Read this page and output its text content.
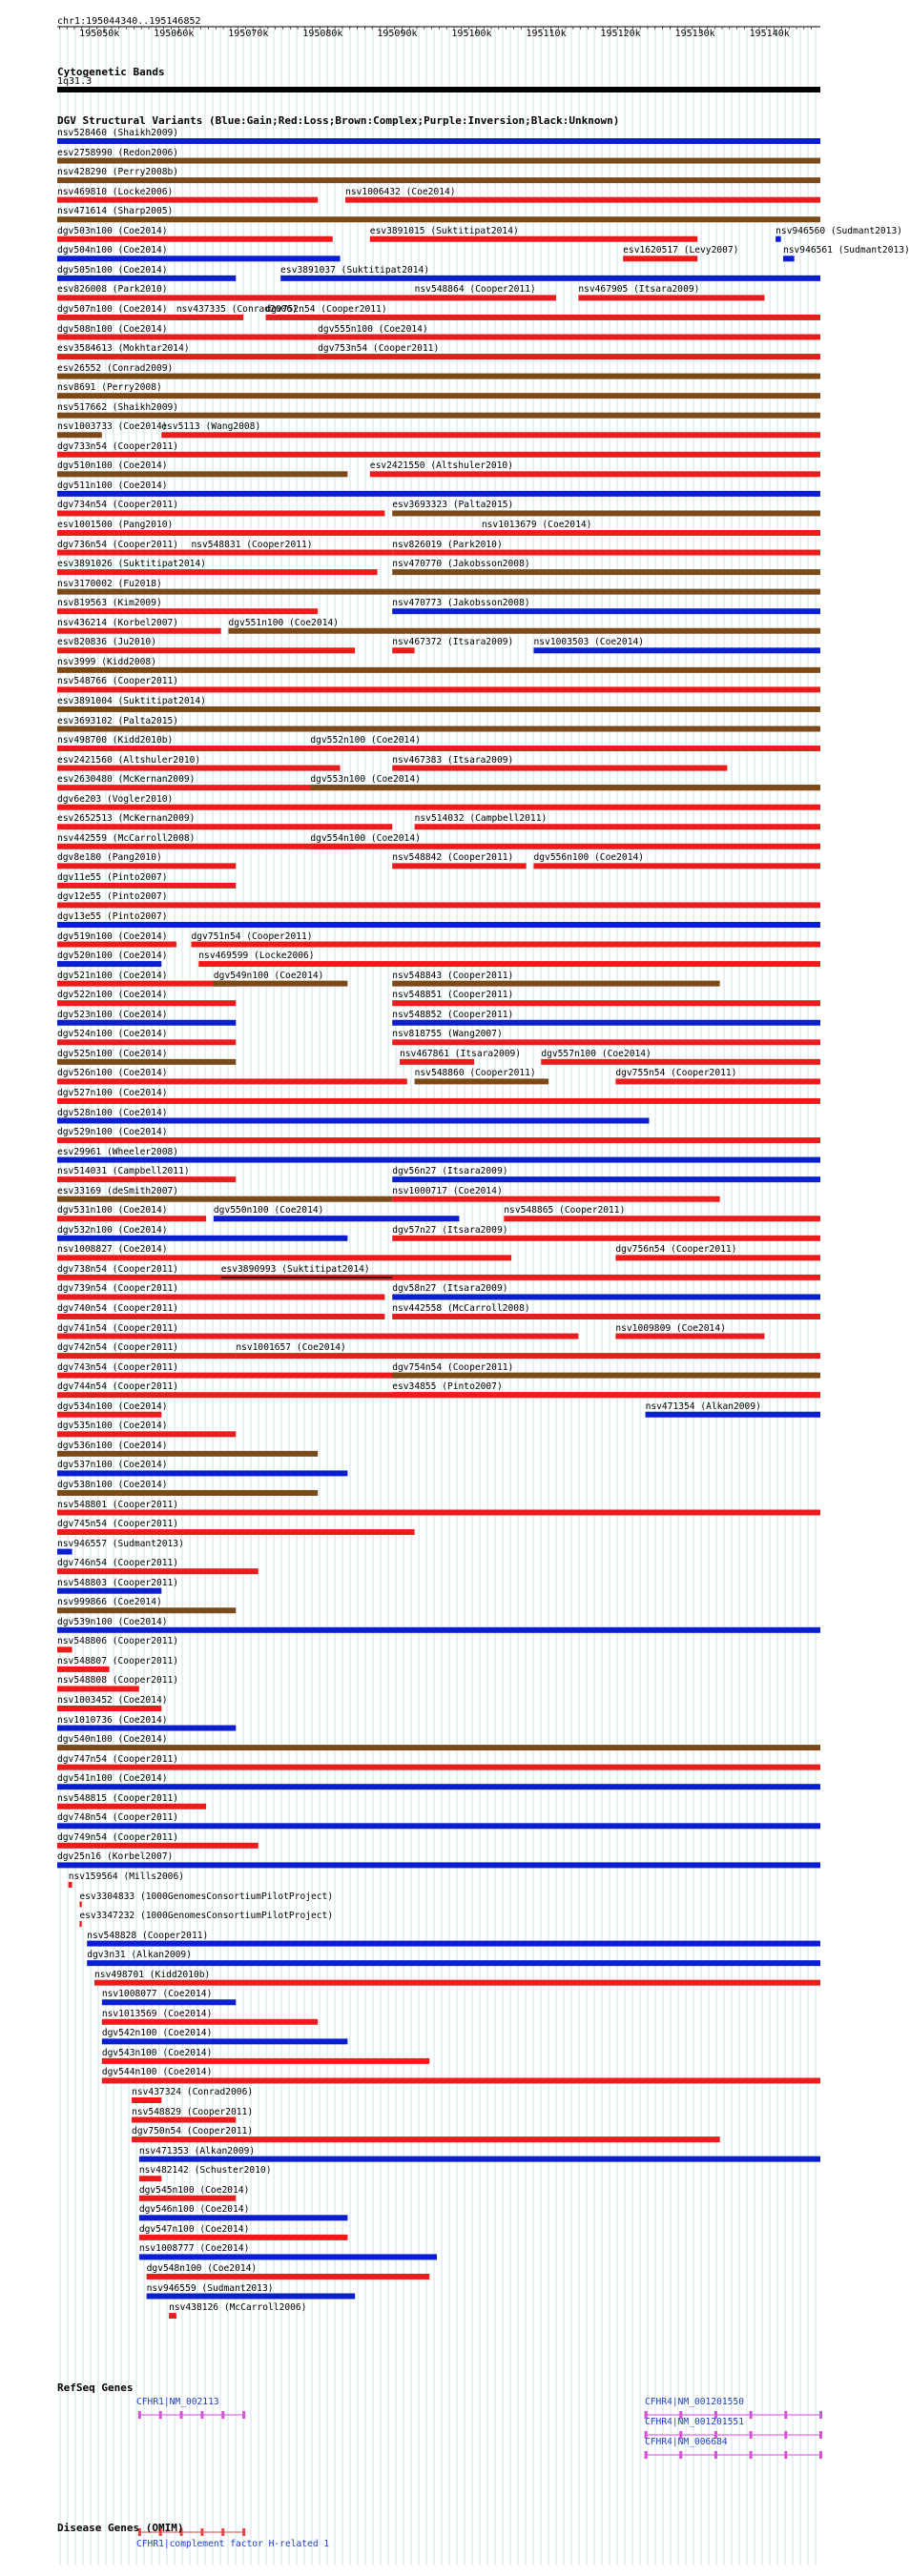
chr1:195044340..195146852
Cytogenetic Bands
1q31.3
DGV Structural Variants (Blue:Gain;Red:Loss;Brown:Complex;Purple:Inversion;Black:Unknown)
RefSeq Genes
Disease Genes (OMIM)
195050k	195060k	195070k	195080k	195090k	195100k	195110k	195120k	195130k	195140k
nsv528460 (Shaikh2009)
esv2758990 (Redon2006)
nsv428290 (Perry2008b)
nsv469810 (Locke2006)	nsv1006432 (Coe2014)
nsv471614 (Sharp2005)
dgv503n100 (Coe2014)	esv3891015 (Suktitipat2014)	nsv946560 (Sudmant2013)
dgv504n100 (Coe2014)	esv1620517 (Levy2007)	nsv946561 (Sudmant2013)
dgv505n100 (Coe2014)	esv3891037 (Suktitipat2014)
esv826008 (Park2010)	nsv548864 (Cooper2011)	nsv467905 (Itsara2009)
dgv507n100 (Coe2014) nsv437335 (Conrad2006)
dgv752n54 (Cooper2011)
dgv508n100 (Coe2014)	dgv555n100 (Coe2014)
esv3584613 (Mokhtar2014)	dgv753n54 (Cooper2011)
esv26552 (Conrad2009)
nsv8691 (Perry2008)
nsv517662 (Shaikh2009)
nsv1003733 (Coe2014)
esv5113 (Wang2008)
dgv733n54 (Cooper2011)
dgv510n100 (Coe2014)	esv2421550 (Altshuler2010)
dgv511n100 (Coe2014)
dgv734n54 (Cooper2011)	esv3693323 (Palta2015)
esv1001500 (Pang2010)	nsv1013679 (Coe2014)
dgv736n54 (Cooper2011) nsv548831 (Cooper2011)	nsv826019 (Park2010)
esv3891026 (Suktitipat2014)	nsv470770 (Jakobsson2008)
nsv3170002 (Fu2018)
nsv819563 (Kim2009)	nsv470773 (Jakobsson2008)
nsv436214 (Korbel2007)	dgv551n100 (Coe2014)
esv820836 (Ju2010)	nsv467372 (Itsara2009) nsv1003503 (Coe2014)
nsv3999 (Kidd2008)
nsv548766 (Cooper2011)
esv3891004 (Suktitipat2014)
esv3693102 (Palta2015)
nsv498700 (Kidd2010b)	dgv552n100 (Coe2014)
esv2421560 (Altshuler2010)	nsv467383 (Itsara2009)
esv2630480 (McKernan2009)	dgv553n100 (Coe2014)
dgv6e203 (Vogler2010)
esv2652513 (McKernan2009)	nsv514032 (Campbell2011)
nsv442559 (McCarroll2008)	dgv554n100 (Coe2014)
dgv8e180 (Pang2010)	nsv548842 (Cooper2011) dgv556n100 (Coe2014)
dgv11e55 (Pinto2007)
dgv12e55 (Pinto2007)
dgv13e55 (Pinto2007)
dgv519n100 (Coe2014)	dgv751n54 (Cooper2011)
dgv520n100 (Coe2014)	nsv469599 (Locke2006)
dgv521n100 (Coe2014)	dgv549n100 (Coe2014)	nsv548843 (Cooper2011)
dgv522n100 (Coe2014)	nsv548851 (Cooper2011)
dgv523n100 (Coe2014)	nsv548852 (Cooper2011)
dgv524n100 (Coe2014)	nsv818755 (Wang2007)
dgv525n100 (Coe2014)	nsv467861 (Itsara2009) dgv557n100 (Coe2014)
dgv526n100 (Coe2014)	nsv548860 (Cooper2011)	dgv755n54 (Cooper2011)
dgv527n100 (Coe2014)
dgv528n100 (Coe2014)
dgv529n100 (Coe2014)
esv29961 (Wheeler2008)
nsv514031 (Campbell2011)	dgv56n27 (Itsara2009)
esv33169 (deSmith2007)	nsv1000717 (Coe2014)
dgv531n100 (Coe2014)	dgv550n100 (Coe2014)	nsv548865 (Cooper2011)
dgv532n100 (Coe2014)	dgv57n27 (Itsara2009)
nsv1008827 (Coe2014)	dgv756n54 (Cooper2011)
dgv738n54 (Cooper2011)	esv3890993 (Suktitipat2014)
dgv739n54 (Cooper2011)	dgv58n27 (Itsara2009)
dgv740n54 (Cooper2011)	nsv442558 (McCarroll2008)
dgv741n54 (Cooper2011)	nsv1009809 (Coe2014)
dgv742n54 (Cooper2011)	nsv1001657 (Coe2014)
dgv743n54 (Cooper2011)	dgv754n54 (Cooper2011)
dgv744n54 (Cooper2011)	esv34855 (Pinto2007)
dgv534n100 (Coe2014)	nsv471354 (Alkan2009)
dgv535n100 (Coe2014)
dgv536n100 (Coe2014)
dgv537n100 (Coe2014)
dgv538n100 (Coe2014)
nsv548801 (Cooper2011)
dgv745n54 (Cooper2011)
nsv946557 (Sudmant2013)
dgv746n54 (Cooper2011)
nsv548803 (Cooper2011)
nsv999866 (Coe2014)
dgv539n100 (Coe2014)
nsv548806 (Cooper2011)
nsv548807 (Cooper2011)
nsv548808 (Cooper2011)
nsv1003452 (Coe2014)
nsv1010736 (Coe2014)
dgv540n100 (Coe2014)
dgv747n54 (Cooper2011)
dgv541n100 (Coe2014)
nsv548815 (Cooper2011)
dgv748n54 (Cooper2011)
dgv749n54 (Cooper2011)
dgv25n16 (Korbel2007)
nsv159564 (Mills2006)
esv3304833 (1000GenomesConsortiumPilotProject)
esv3347232 (1000GenomesConsortiumPilotProject)
nsv548828 (Cooper2011)
dgv3n31 (Alkan2009)
nsv498701 (Kidd2010b)
nsv1008077 (Coe2014)
nsv1013569 (Coe2014)
dgv542n100 (Coe2014)
dgv543n100 (Coe2014)
dgv544n100 (Coe2014)
nsv437324 (Conrad2006)
nsv548829 (Cooper2011)
dgv750n54 (Cooper2011)
nsv471353 (Alkan2009)
nsv482142 (Schuster2010)
dgv545n100 (Coe2014)
dgv546n100 (Coe2014)
dgv547n100 (Coe2014)
nsv1008777 (Coe2014)
dgv548n100 (Coe2014)
nsv946559 (Sudmant2013)
nsv438126 (McCarroll2006)
CFHR1|NM_002113	CFHR4|NM_001201550
CFHR4|NM_001201551
CFHR4|NM_006684
CFHR1|complement factor H-related 1
